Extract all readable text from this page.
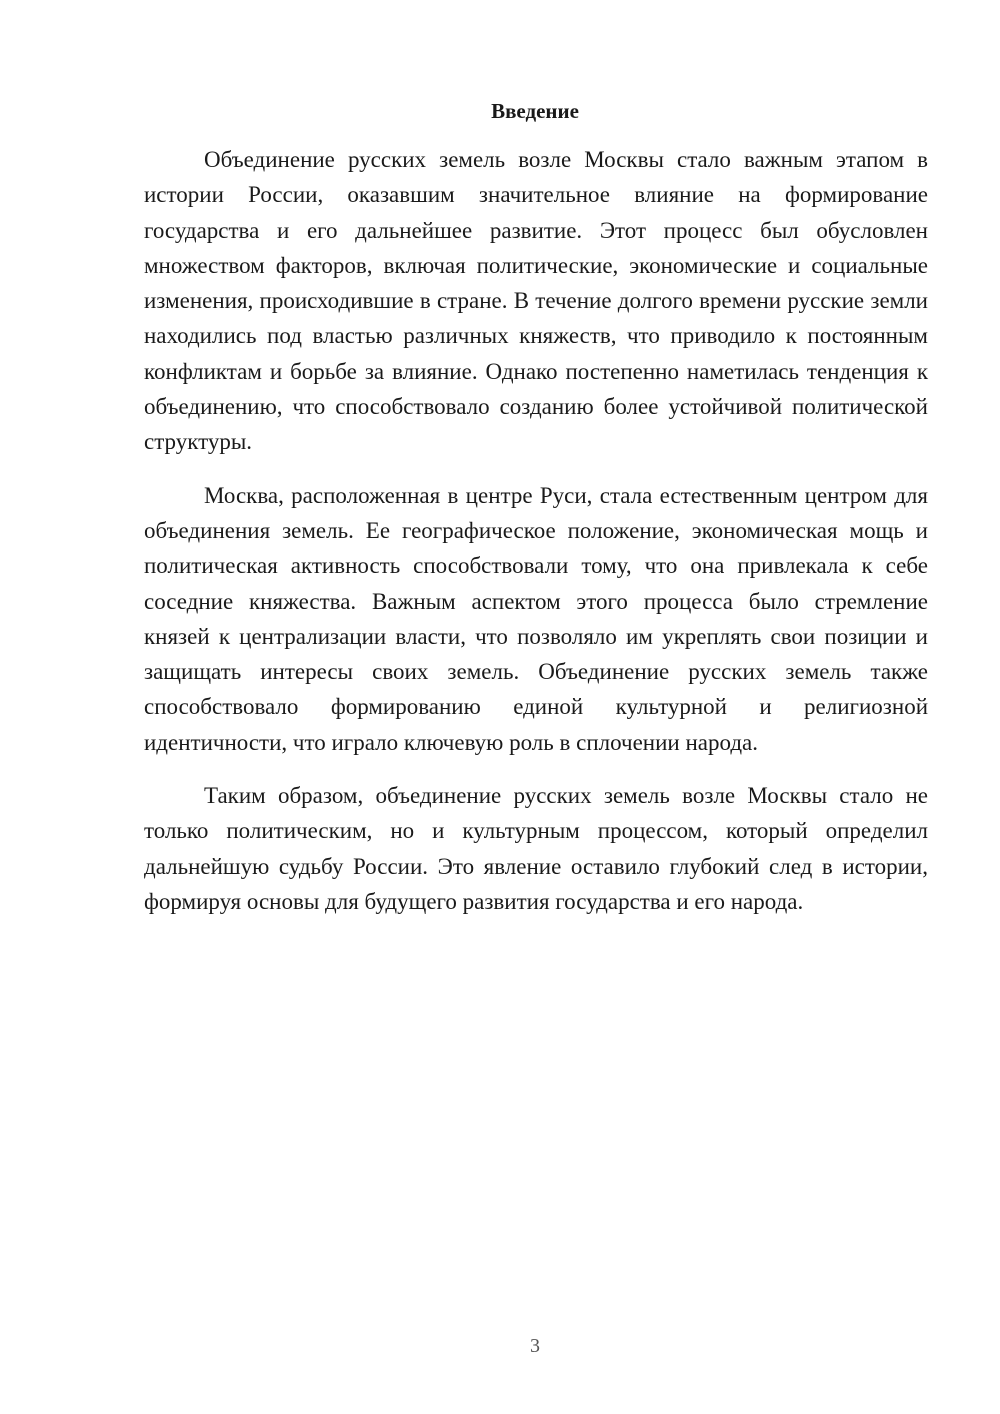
Введение

Объединение русских земель возле Москвы стало важным этапом в истории России, оказавшим значительное влияние на формирование государства и его дальнейшее развитие. Этот процесс был обусловлен множеством факторов, включая политические, экономические и социальные изменения, происходившие в стране. В течение долгого времени русские земли находились под властью различных княжеств, что приводило к постоянным конфликтам и борьбе за влияние. Однако постепенно наметилась тенденция к объединению, что способствовало созданию более устойчивой политической структуры.

Москва, расположенная в центре Руси, стала естественным центром для объединения земель. Ее географическое положение, экономическая мощь и политическая активность способствовали тому, что она привлекала к себе соседние княжества. Важным аспектом этого процесса было стремление князей к централизации власти, что позволяло им укреплять свои позиции и защищать интересы своих земель. Объединение русских земель также способствовало формированию единой культурной и религиозной идентичности, что играло ключевую роль в сплочении народа.

Таким образом, объединение русских земель возле Москвы стало не только политическим, но и культурным процессом, который определил дальнейшую судьбу России. Это явление оставило глубокий след в истории, формируя основы для будущего развития государства и его народа.

3
